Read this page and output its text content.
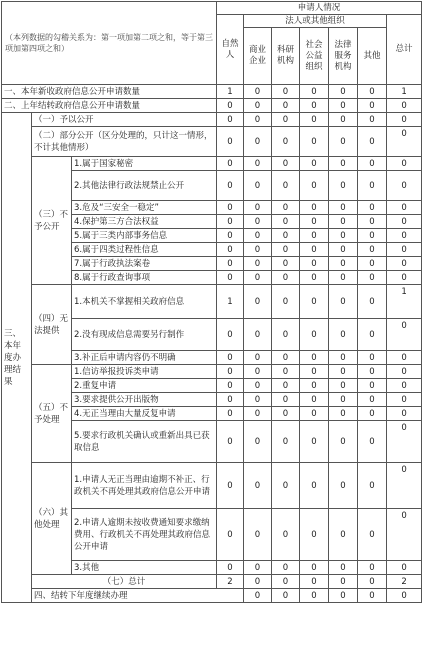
（本列数据的勾稽关系为：第一项加第二项之和，等于第三项加第四项之和）			申请人情况							
			自然人	法人或其他组织					总计	
				商业企业	科研机构	社会公益组织	法律服务机构	其他		
一、本年新收政府信息公开申请数量			1	0	0	0	0	0	1	
二、上年结转政府信息公开申请数量			0	0	0	0	0	0	0	
三、本年度办理结果	（一）予以公开		0	0	0	0	0	0	0	
	（二）部分公开（区分处理的，只计这一情形，不计其他情形）		0	0	0	0	0	0	0	
	（三）不予公开	1.属于国家秘密	0	0	0	0	0	0	0	
		2.其他法律行政法规禁止公开	0	0	0	0	0	0	0	
		3.危及“三安全一稳定”	0	0	0	0	0	0	0	
		4.保护第三方合法权益	0	0	0	0	0	0	0	
		5.属于三类内部事务信息	0	0	0	0	0	0	0	
		6.属于四类过程性信息	0	0	0	0	0	0	0	
		7.属于行政执法案卷	0	0	0	0	0	0	0	
		8.属于行政查询事项	0	0	0	0	0	0	0	
	（四）无法提供	1.本机关不掌握相关政府信息	1	0	0	0	0	0	1	
		2.没有现成信息需要另行制作	0	0	0	0	0	0	0	
		3.补正后申请内容仍不明确	0	0	0	0	0	0	0	
	（五）不予处理	1.信访举报投诉类申请	0	0	0	0	0	0	0	
		2.重复申请	0	0	0	0	0	0	0	
		3.要求提供公开出版物	0	0	0	0	0	0	0	
		4.无正当理由大量反复申请	0	0	0	0	0	0	0	
		5.要求行政机关确认或重新出具已获取信息	0	0	0	0	0	0	0	
	（六）其他处理	1.申请人无正当理由逾期不补正、行政机关不再处理其政府信息公开申请	0	0	0	0	0	0	0	
		2.申请人逾期未按收费通知要求缴纳费用、行政机关不再处理其政府信息公开申请	0	0	0	0	0	0	0	
		3.其他	0	0	0	0	0	0	0	
	（七）总计		2	0	0	0	0	0	2	
	四、结转下年度继续办理			0	0	0	0	0	0	
